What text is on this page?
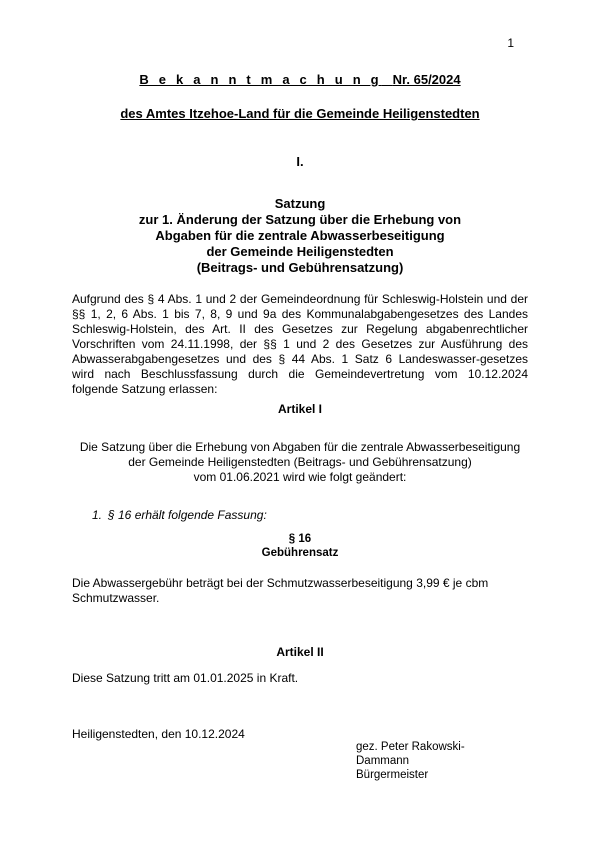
1
B e k a n n t m a c h u n g Nr. 65/2024
des Amtes Itzehoe-Land für die Gemeinde Heiligenstedten
I.
Satzung
zur 1. Änderung der Satzung über die Erhebung von
Abgaben für die zentrale Abwasserbeseitigung
der Gemeinde Heiligenstedten
(Beitrags- und Gebührensatzung)
Aufgrund des § 4 Abs. 1 und 2 der Gemeindeordnung für Schleswig-Holstein und der
§§ 1, 2, 6 Abs. 1 bis 7, 8, 9 und 9a des Kommunalabgabengesetzes des Landes
Schleswig-Holstein, des Art. II des Gesetzes zur Regelung abgabenrechtlicher
Vorschriften vom 24.11.1998, der §§ 1 und 2 des Gesetzes zur Ausführung des
Abwasserabgabengesetzes und des § 44 Abs. 1 Satz 6 Landeswasser-gesetzes
wird nach Beschlussfassung durch die Gemeindevertretung vom 10.12.2024
folgende Satzung erlassen:
Artikel I
Die Satzung über die Erhebung von Abgaben für die zentrale Abwasserbeseitigung
der Gemeinde Heiligenstedten (Beitrags- und Gebührensatzung)
vom 01.06.2021 wird wie folgt geändert:
1. § 16 erhält folgende Fassung:
§ 16
Gebührensatz
Die Abwassergebühr beträgt bei der Schmutzwasserbeseitigung 3,99 € je cbm
Schmutzwasser.
Artikel II
Diese Satzung tritt am 01.01.2025 in Kraft.
Heiligenstedten, den 10.12.2024
gez. Peter Rakowski-
Dammann
Bürgermeister
